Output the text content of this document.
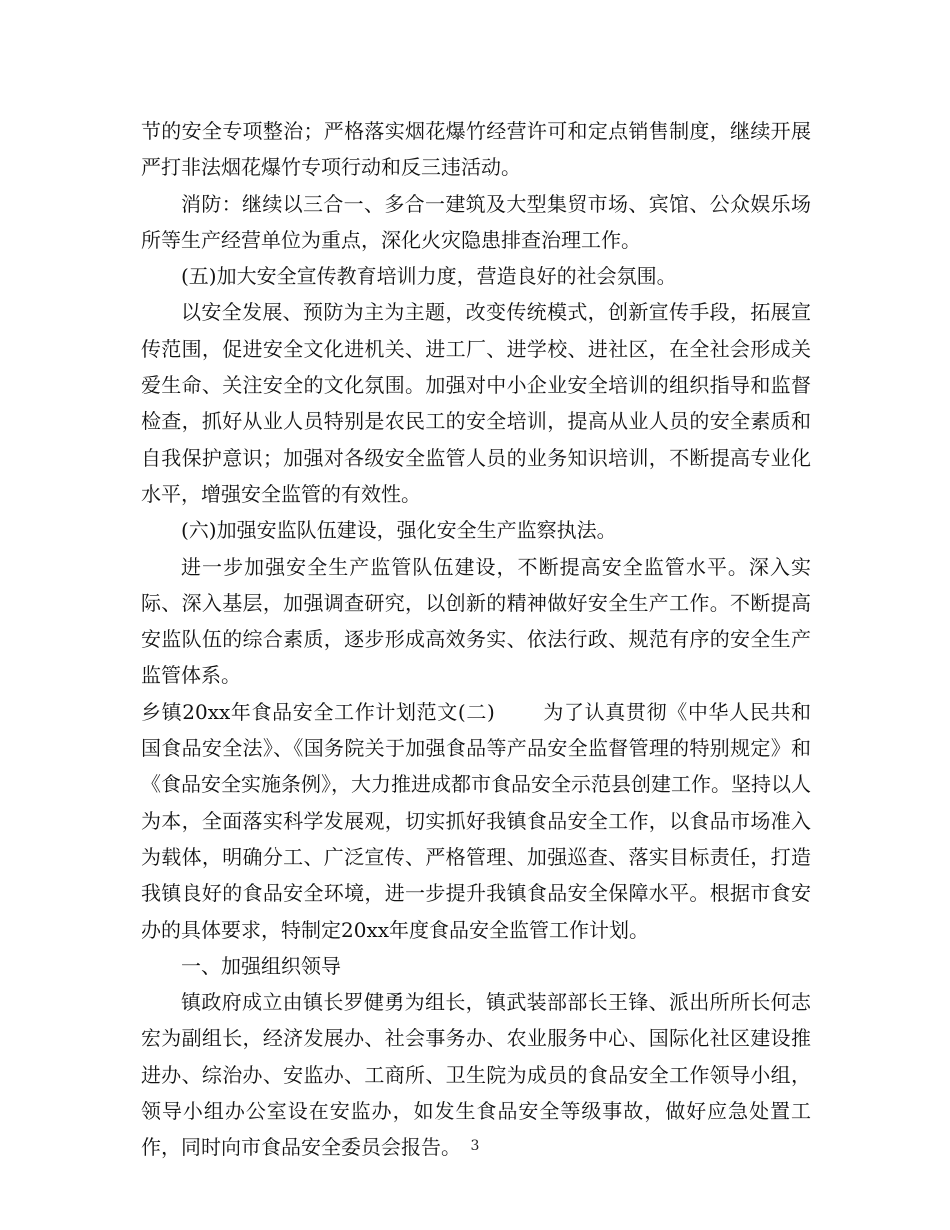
节的安全专项整治；严格落实烟花爆竹经营许可和定点销售制度，继续开展严打非法烟花爆竹专项行动和反三违活动。

消防：继续以三合一、多合一建筑及大型集贸市场、宾馆、公众娱乐场所等生产经营单位为重点，深化火灾隐患排查治理工作。

(五)加大安全宣传教育培训力度，营造良好的社会氛围。

以安全发展、预防为主为主题，改变传统模式，创新宣传手段，拓展宣传范围，促进安全文化进机关、进工厂、进学校、进社区，在全社会形成关爱生命、关注安全的文化氛围。加强对中小企业安全培训的组织指导和监督检查，抓好从业人员特别是农民工的安全培训，提高从业人员的安全素质和自我保护意识；加强对各级安全监管人员的业务知识培训，不断提高专业化水平，增强安全监管的有效性。

(六)加强安监队伍建设，强化安全生产监察执法。

进一步加强安全生产监管队伍建设，不断提高安全监管水平。深入实际、深入基层，加强调查研究，以创新的精神做好安全生产工作。不断提高安监队伍的综合素质，逐步形成高效务实、依法行政、规范有序的安全生产监管体系。

乡镇20xx年食品安全工作计划范文(二) 为了认真贯彻《中华人民共和国食品安全法》、《国务院关于加强食品等产品安全监督管理的特别规定》和《食品安全实施条例》，大力推进成都市食品安全示范县创建工作。坚持以人为本，全面落实科学发展观，切实抓好我镇食品安全工作，以食品市场准入为载体，明确分工、广泛宣传、严格管理、加强巡查、落实目标责任，打造我镇良好的食品安全环境，进一步提升我镇食品安全保障水平。根据市食安办的具体要求，特制定20xx年度食品安全监管工作计划。

一、加强组织领导

镇政府成立由镇长罗健勇为组长，镇武装部部长王锋、派出所所长何志宏为副组长，经济发展办、社会事务办、农业服务中心、国际化社区建设推进办、综治办、安监办、工商所、卫生院为成员的食品安全工作领导小组，领导小组办公室设在安监办，如发生食品安全等级事故，做好应急处置工作，同时向市食品安全委员会报告。 3
